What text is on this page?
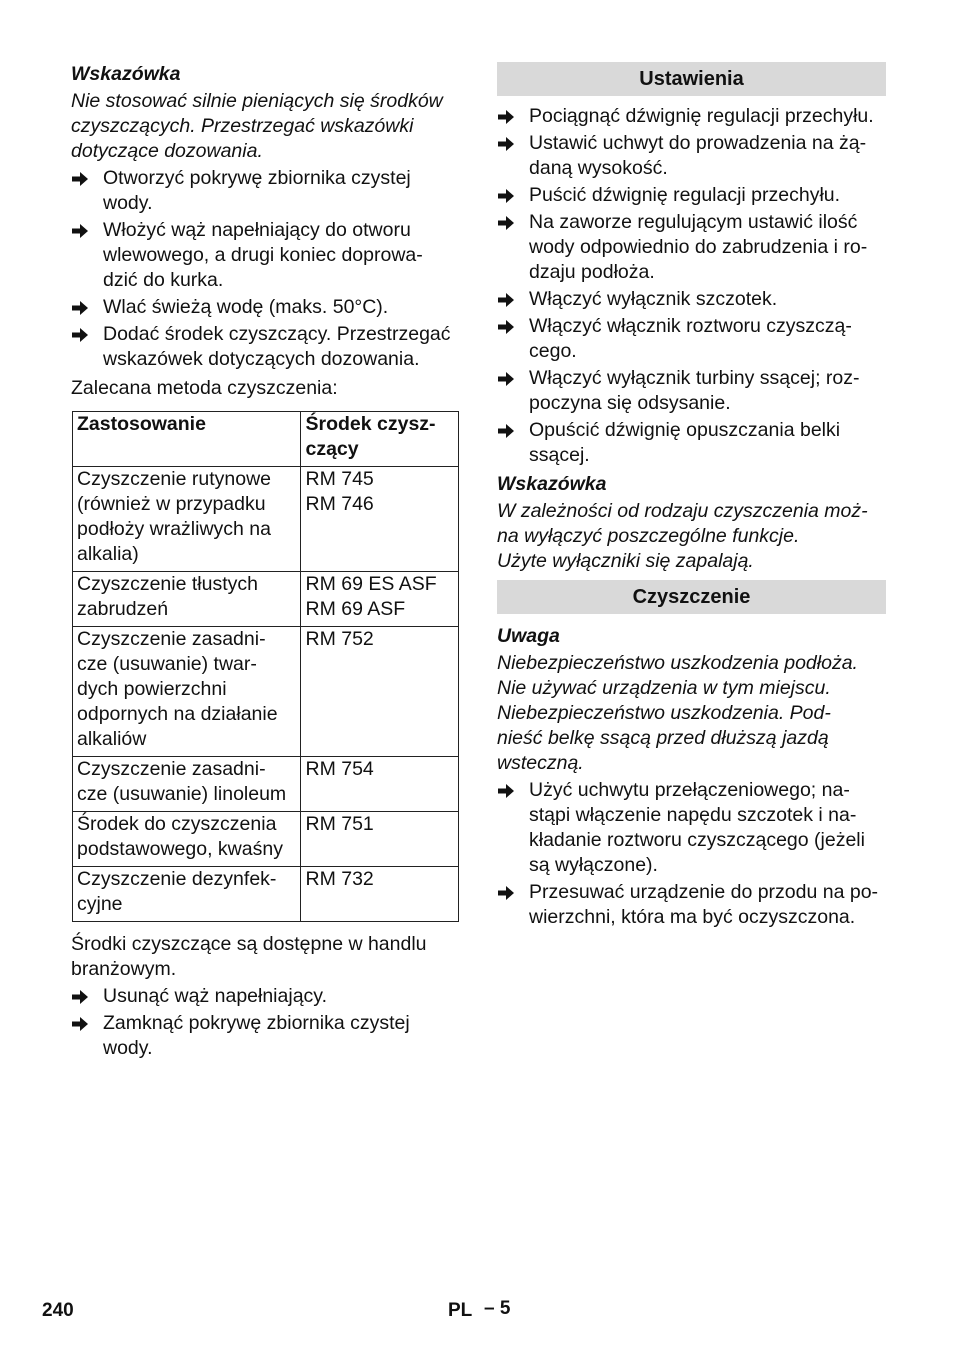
Wskazówka

Nie stosować silnie pieniących się środków
czyszczących. Przestrzegać wskazówki
dotyczące dozowania.

Otworzyć pokrywę zbiornika czystej
wody.
Włożyć wąż napełniający do otworu
wlewowego, a drugi koniec doprowa-
dzić do kurka.
Wlać świeżą wodę (maks. 50°C).
Dodać środek czyszczący. Przestrzegać
wskazówek dotyczących dozowania.

Zalecana metoda czyszczenia:

Zastosowanie	Środek czysz-
czący

Czyszczenie rutynowe
(również w przypadku
podłoży wrażliwych na
alkalia)	RM 745
RM 746

Czyszczenie tłustych
zabrudzeń	RM 69 ES ASF
RM 69 ASF

Czyszczenie zasadni-
cze (usuwanie) twar-
dych powierzchni
odpornych na działanie
alkaliów	RM 752

Czyszczenie zasadni-
cze (usuwanie) linoleum	RM 754

Środek do czyszczenia
podstawowego, kwaśny	RM 751

Czyszczenie dezynfek-
cyjne	RM 732

Środki czyszczące są dostępne w handlu
branżowym.

Usunąć wąż napełniający.
Zamknąć pokrywę zbiornika czystej wody.
Ustawienia
Pociągnąć dźwignię regulacji przechyłu.
Ustawić uchwyt do prowadzenia na żą-
daną wysokość.
Puścić dźwignię regulacji przechyłu.
Na zaworze regulującym ustawić ilość
wody odpowiednio do zabrudzenia i ro-
dzaju podłoża.
Włączyć wyłącznik szczotek.
Włączyć włącznik roztworu czyszczą-
cego.
Włączyć wyłącznik turbiny ssącej; roz-
poczyna się odsysanie.
Opuścić dźwignię opuszczania belki
ssącej.

Wskazówka

W zależności od rodzaju czyszczenia moż-
na wyłączyć poszczególne funkcje.
Użyte wyłączniki się zapalają.

Czyszczenie

Uwaga

Niebezpieczeństwo uszkodzenia podłoża.
Nie używać urządzenia w tym miejscu.
Niebezpieczeństwo uszkodzenia. Pod-
nieść belkę ssącą przed dłuższą jazdą
wsteczną.

Użyć uchwytu przełączeniowego; na-
stąpi włączenie napędu szczotek i na-
kładanie roztworu czyszczącego (jeżeli
są wyłączone).
Przesuwać urządzenie do przodu na po-
wierzchni, która ma być oczyszczona.
240	PL – 5
